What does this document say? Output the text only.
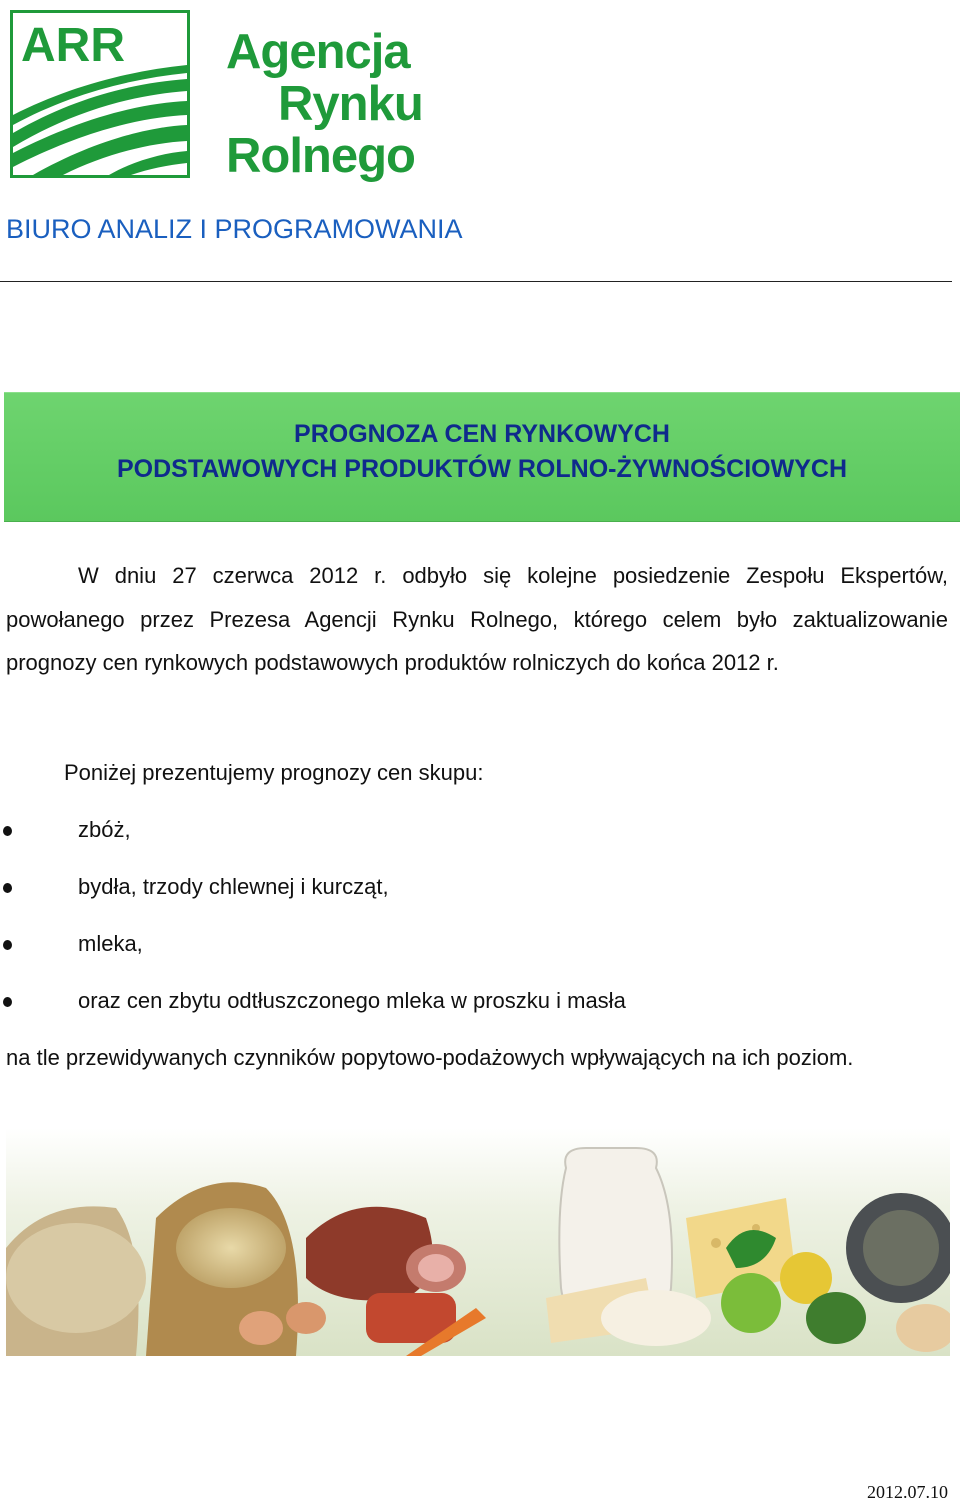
ARR Agencja
Rynku
Rolnego
BIURO ANALIZ I PROGRAMOWANIA
PROGNOZA CEN RYNKOWYCH
PODSTAWOWYCH PRODUKTÓW ROLNO-ŻYWNOŚCIOWYCH
W dniu 27 czerwca 2012 r. odbyło się kolejne posiedzenie Zespołu Ekspertów, powołanego przez Prezesa Agencji Rynku Rolnego, którego celem było zaktualizowanie prognozy cen rynkowych podstawowych produktów rolniczych do końca 2012 r.
Poniżej prezentujemy prognozy cen skupu:
zbóż,
bydła, trzody chlewnej i kurcząt,
mleka,
oraz cen zbytu odtłuszczonego mleka w proszku i masła
na tle przewidywanych czynników popytowo-podażowych wpływających na ich poziom.
2012.07.10
